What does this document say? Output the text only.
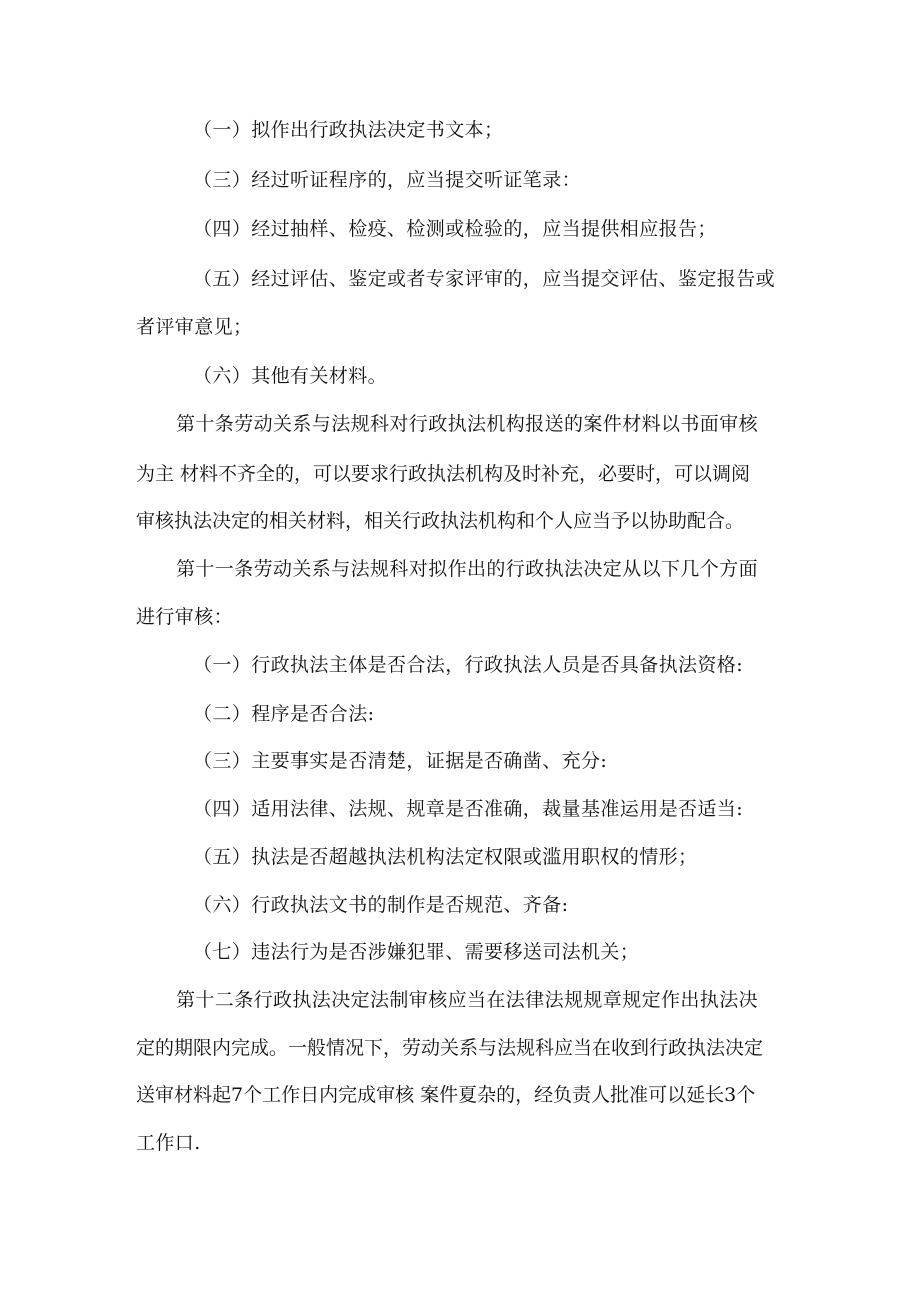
（一）拟作出行政执法决定书文本；

（三）经过听证程序的，应当提交听证笔录：

（四）经过抽样、检疫、检测或检验的，应当提供相应报告；

（五）经过评估、鉴定或者专家评审的，应当提交评估、鉴定报告或

者评审意见；

（六）其他有关材料。

第十条劳动关系与法规科对行政执法机构报送的案件材料以书面审核

为主 材料不齐全的，可以要求行政执法机构及时补充，必要时，可以调阅

审核执法决定的相关材料，相关行政执法机构和个人应当予以协助配合。

第十一条劳动关系与法规科对拟作出的行政执法决定从以下几个方面

进行审核：

（一）行政执法主体是否合法，行政执法人员是否具备执法资格:

（二）程序是否合法:

（三）主要事实是否清楚，证据是否确凿、充分:

（四）适用法律、法规、规章是否准确，裁量基准运用是否适当:

（五）执法是否超越执法机构法定权限或滥用职权的情形；

（六）行政执法文书的制作是否规范、齐备:

（七）违法行为是否涉嫌犯罪、需要移送司法机关；

第十二条行政执法决定法制审核应当在法律法规规章规定作出执法决

定的期限内完成。一般情况下，劳动关系与法规科应当在收到行政执法决定

送审材料起7个工作日内完成审核 案件夏杂的，经负责人批准可以延长3个

工作口.
